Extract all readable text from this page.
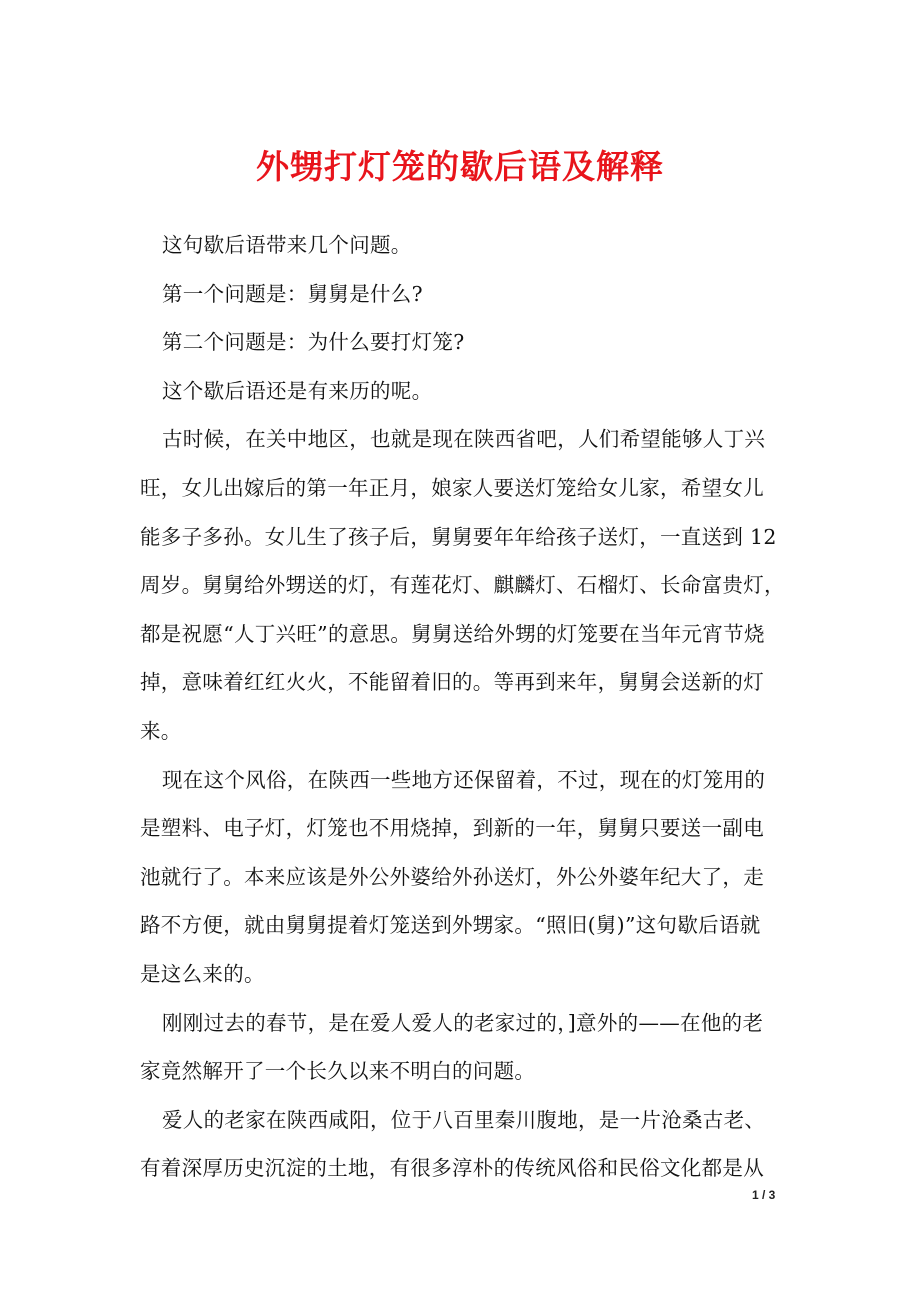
外甥打灯笼的歇后语及解释
这句歇后语带来几个问题。
第一个问题是：舅舅是什么?
第二个问题是：为什么要打灯笼?
这个歇后语还是有来历的呢。
古时候，在关中地区，也就是现在陕西省吧，人们希望能够人丁兴
旺，女儿出嫁后的第一年正月，娘家人要送灯笼给女儿家，希望女儿
能多子多孙。女儿生了孩子后，舅舅要年年给孩子送灯，一直送到 12
周岁。舅舅给外甥送的灯，有莲花灯、麒麟灯、石榴灯、长命富贵灯，
都是祝愿“人丁兴旺”的意思。舅舅送给外甥的灯笼要在当年元宵节烧
掉，意味着红红火火，不能留着旧的。等再到来年，舅舅会送新的灯
来。
现在这个风俗，在陕西一些地方还保留着，不过，现在的灯笼用的
是塑料、电子灯，灯笼也不用烧掉，到新的一年，舅舅只要送一副电
池就行了。本来应该是外公外婆给外孙送灯，外公外婆年纪大了，走
路不方便，就由舅舅提着灯笼送到外甥家。“照旧(舅)”这句歇后语就
是这么来的。
刚刚过去的春节，是在爱人爱人的老家过的，]意外的——在他的老
家竟然解开了一个长久以来不明白的问题。
爱人的老家在陕西咸阳，位于八百里秦川腹地，是一片沧桑古老、
有着深厚历史沉淀的土地，有很多淳朴的传统风俗和民俗文化都是从
1 / 3
